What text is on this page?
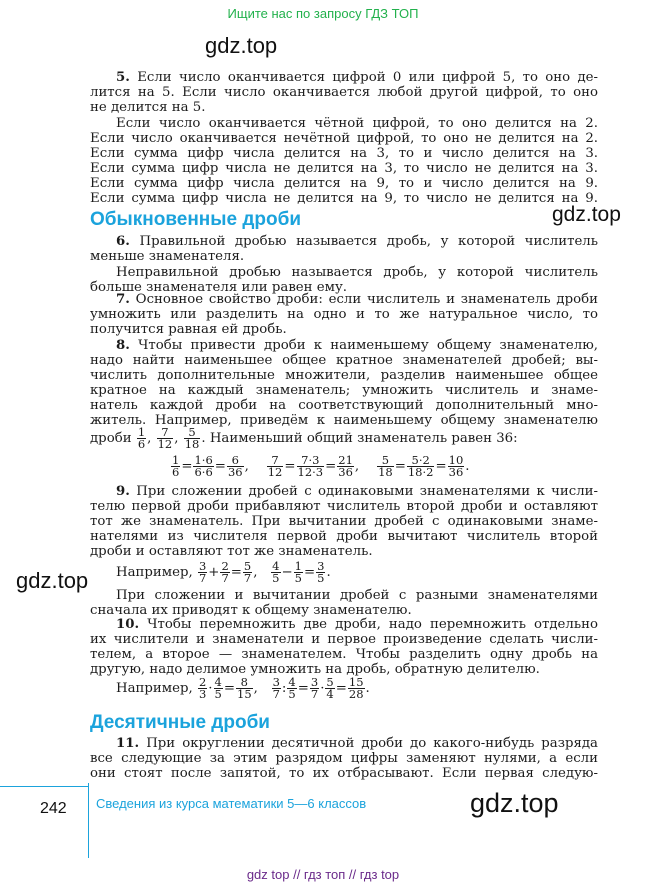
Ищите нас по запросу ГДЗ ТОП
gdz.top
gdz.top
gdz.top
gdz.top
5. Если число оканчивается цифрой 0 или цифрой 5, то оно де-
лится на 5. Если число оканчивается любой другой цифрой, то оно
не делится на 5.
Если число оканчивается чётной цифрой, то оно делится на 2.
Если число оканчивается нечётной цифрой, то оно не делится на 2.
Если сумма цифр числа делится на 3, то и число делится на 3.
Если сумма цифр числа не делится на 3, то число не делится на 3.
Если сумма цифр числа делится на 9, то и число делится на 9.
Если сумма цифр числа не делится на 9, то число не делится на 9.
Обыкновенные дроби
6. Правильной дробью называется дробь, у которой числитель
меньше знаменателя.
Неправильной дробью называется дробь, у которой числитель
больше знаменателя или равен ему.
7. Основное свойство дроби: если числитель и знаменатель дроби
умножить или разделить на одно и то же натуральное число, то
получится равная ей дробь.
8. Чтобы привести дроби к наименьшему общему знаменателю,
надо найти наименьшее общее кратное знаменателей дробей; вы-
числить дополнительные множители, разделив наименьшее общее
кратное на каждый знаменатель; умножить числитель и знаме-
натель каждой дроби на соответствующий дополнительный мно-
житель. Например, приведём к наименьшему общему знаменателю
дроби $\frac{1}{6}$ , $\frac{7}{12}$ , $\frac{5}{18}$ . Наименьший общий знаменатель равен 36:
$\frac{1}{6} = \frac{1\cdot 6}{6\cdot 6} = \frac{6}{36}$ , $\frac{7}{12} = \frac{7\cdot 3}{12\cdot 3} = \frac{21}{36}$ , $\frac{5}{18} = \frac{5\cdot 2}{18\cdot 2} = \frac{10}{36}$ .
9. При сложении дробей с одинаковыми знаменателями к числи-
телю первой дроби прибавляют числитель второй дроби и оставляют
тот же знаменатель. При вычитании дробей с одинаковыми знаме-
нателями из числителя первой дроби вычитают числитель второй
дроби и оставляют тот же знаменатель.
Например, $\frac{3}{7} + \frac{2}{7} = \frac{5}{7}$ , $\frac{4}{5} - \frac{1}{5} = \frac{3}{5}$ .
При сложении и вычитании дробей с разными знаменателями
сначала их приводят к общему знаменателю.
10. Чтобы перемножить две дроби, надо перемножить отдельно
их числители и знаменатели и первое произведение сделать числи-
телем, а второе — знаменателем. Чтобы разделить одну дробь на
другую, надо делимое умножить на дробь, обратную делителю.
Например, $\frac{2}{3} \cdot \frac{4}{5} = \frac{8}{15}$ , $\frac{3}{7}$ : $\frac{4}{5} = \frac{3}{7} \cdot \frac{5}{4} = \frac{15}{28}$ .
Десятичные дроби
11. При округлении десятичной дроби до какого-нибудь разряда
все следующие за этим разрядом цифры заменяют нулями, а если
они стоят после запятой, то их отбрасывают. Если первая следую-
242 Сведения из курса математики 5—6 классов
gdz top // гдз топ // гдз top
